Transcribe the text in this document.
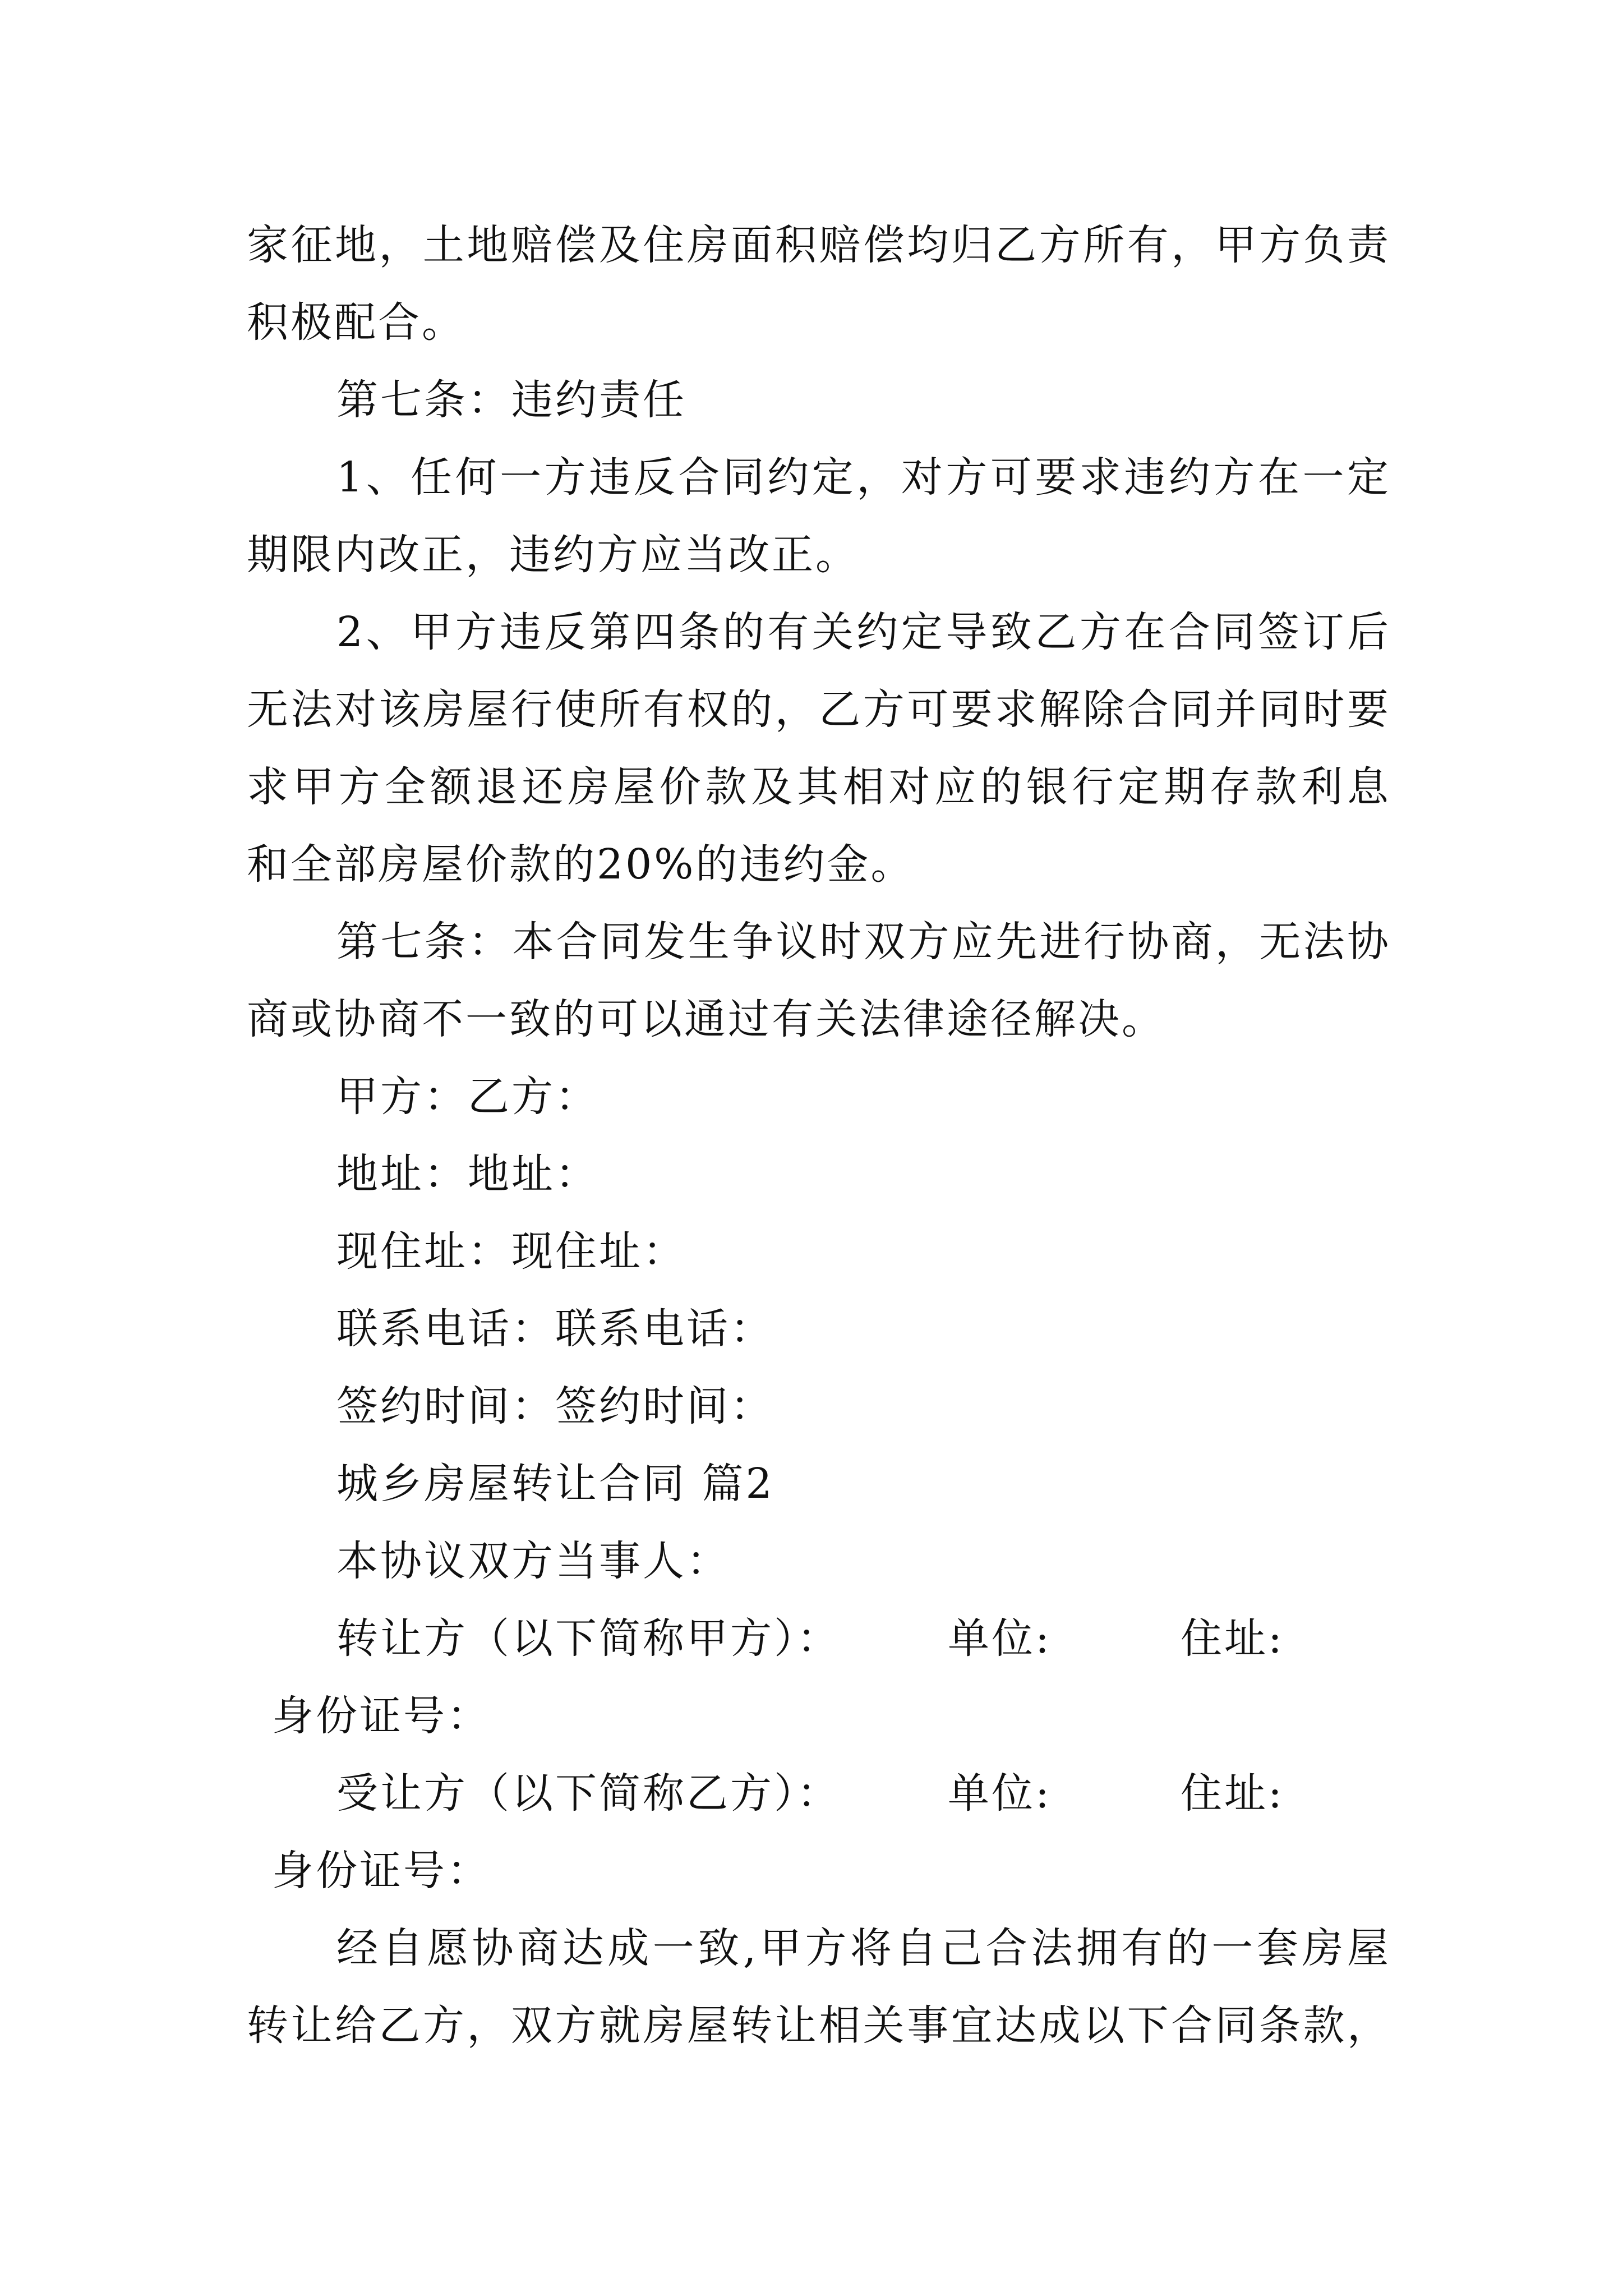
家征地，土地赔偿及住房面积赔偿均归乙方所有，甲方负责
积极配合。
第七条：违约责任
1、任何一方违反合同约定，对方可要求违约方在一定
期限内改正，违约方应当改正。
2、甲方违反第四条的有关约定导致乙方在合同签订后
无法对该房屋行使所有权的，乙方可要求解除合同并同时要
求甲方全额退还房屋价款及其相对应的银行定期存款利息
和全部房屋价款的20%的违约金。
第七条：本合同发生争议时双方应先进行协商，无法协
商或协商不一致的可以通过有关法律途径解决。
甲方：乙方：
地址：地址：
现住址：现住址：
联系电话：联系电话：
签约时间：签约时间：
城乡房屋转让合同 篇2
本协议双方当事人：
转让方（以下简称甲方）：	单位:	住址:
身份证号：
受让方（以下简称乙方）：	单位:	住址:
身份证号：
经自愿协商达成一致,甲方将自己合法拥有的一套房屋
转让给乙方，双方就房屋转让相关事宜达成以下合同条款，
